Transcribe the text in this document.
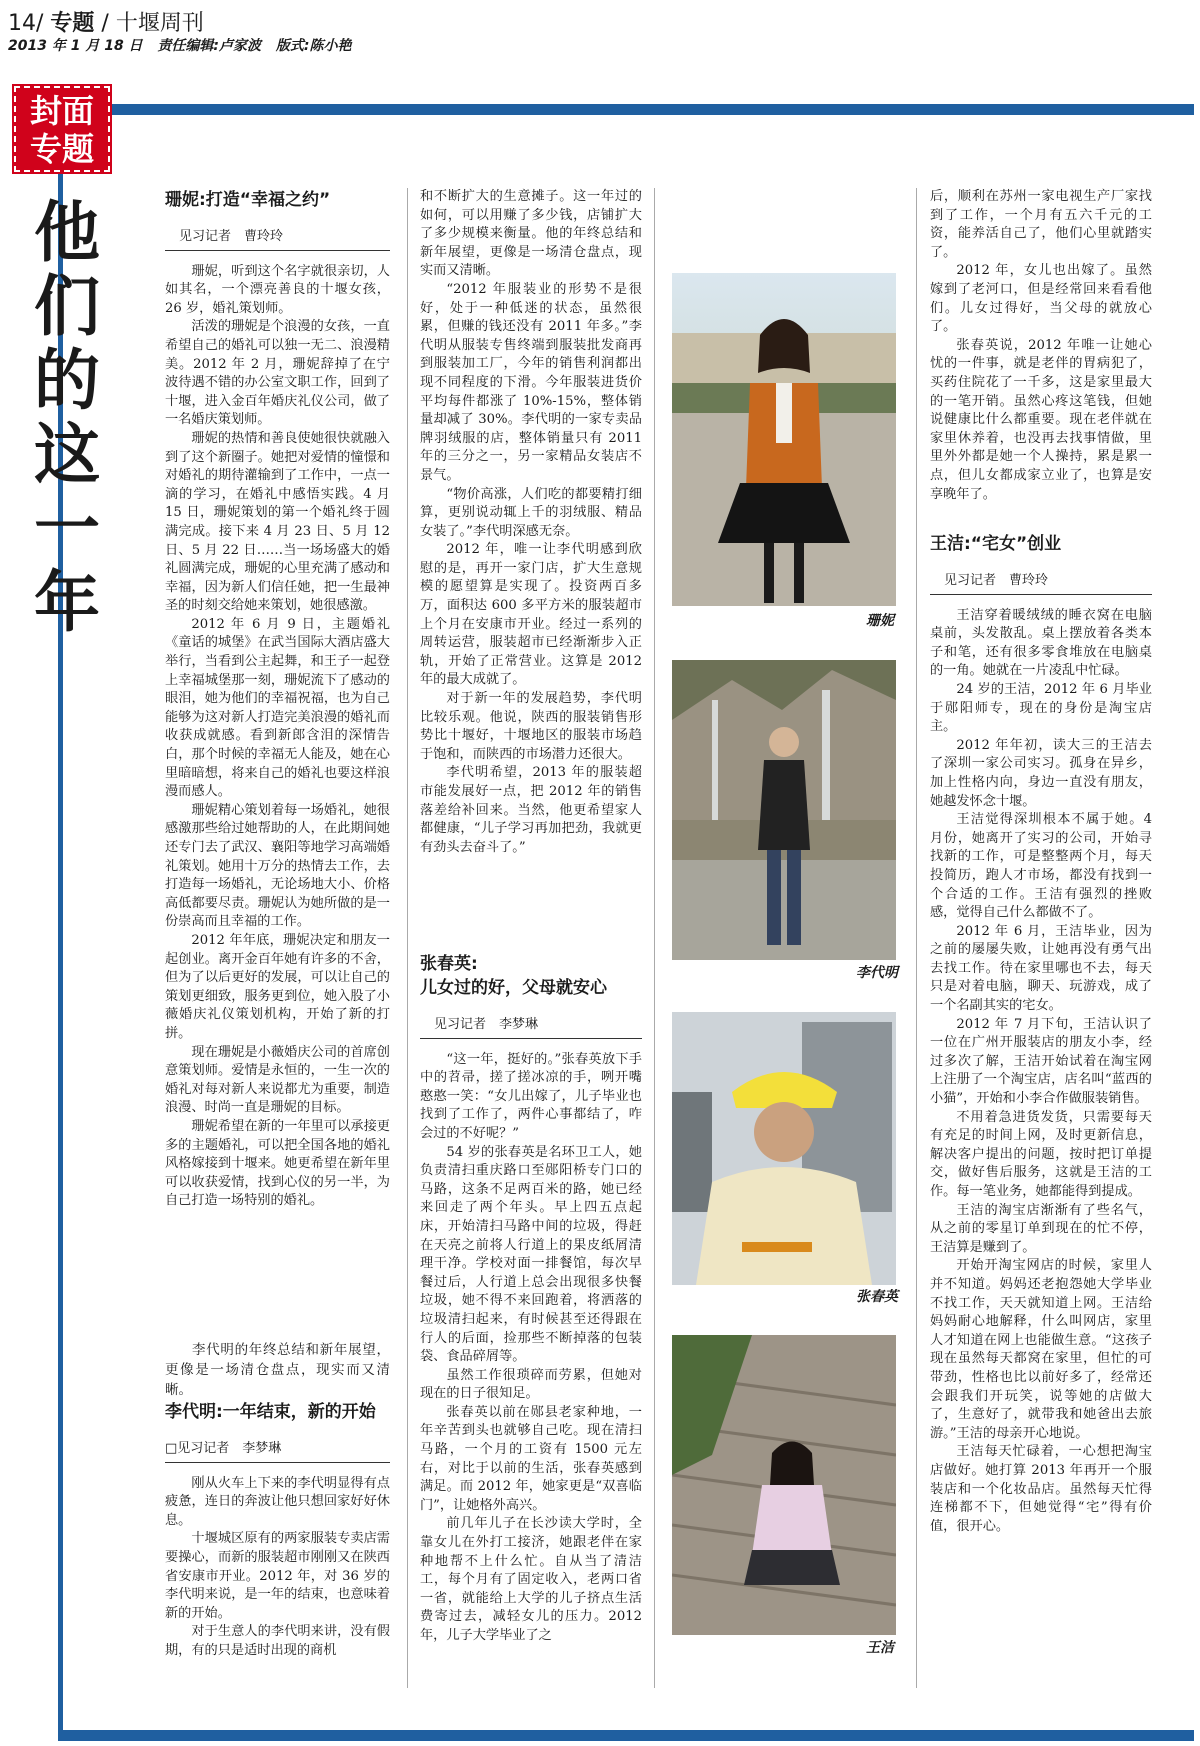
14/ 专题 / 十堰周刊
2013 年 1 月 18 日 责任编辑:卢家波 版式:陈小艳
封面
专题
他
们
的
这
一
年
珊妮:打造“幸福之约”
见习记者　曹玲玲

珊妮，听到这个名字就很亲切，人如其名，一个漂亮善良的十堰女孩，26 岁，婚礼策划师。

活泼的珊妮是个浪漫的女孩，一直希望自己的婚礼可以独一无二、浪漫精美。2012 年 2 月，珊妮辞掉了在宁波待遇不错的办公室文职工作，回到了十堰，进入金百年婚庆礼仪公司，做了一名婚庆策划师。

珊妮的热情和善良使她很快就融入到了这个新圈子。她把对爱情的憧憬和对婚礼的期待灌输到了工作中，一点一滴的学习，在婚礼中感悟实践。4 月 15 日，珊妮策划的第一个婚礼终于圆满完成。接下来 4 月 23 日、5 月 12 日、5 月 22 日……当一场场盛大的婚礼圆满完成，珊妮的心里充满了感动和幸福，因为新人们信任她，把一生最神圣的时刻交给她来策划，她很感激。

2012 年 6 月 9 日，主题婚礼《童话的城堡》在武当国际大酒店盛大举行，当看到公主起舞，和王子一起登上幸福城堡那一刻，珊妮流下了感动的眼泪，她为他们的幸福祝福，也为自己能够为这对新人打造完美浪漫的婚礼而收获成就感。看到新郎含泪的深情告白，那个时候的幸福无人能及，她在心里暗暗想，将来自己的婚礼也要这样浪漫而感人。

珊妮精心策划着每一场婚礼，她很感激那些给过她帮助的人，在此期间她还专门去了武汉、襄阳等地学习高端婚礼策划。她用十万分的热情去工作，去打造每一场婚礼，无论场地大小、价格高低都要尽责。珊妮认为她所做的是一份崇高而且幸福的工作。

2012 年年底，珊妮决定和朋友一起创业。离开金百年她有许多的不舍，但为了以后更好的发展，可以让自己的策划更细致，服务更到位，她入股了小薇婚庆礼仪策划机构，开始了新的打拼。

现在珊妮是小薇婚庆公司的首席创意策划师。爱情是永恒的，一生一次的婚礼对每对新人来说都尤为重要，制造浪漫、时尚一直是珊妮的目标。

珊妮希望在新的一年里可以承接更多的主题婚礼，可以把全国各地的婚礼风格嫁接到十堰来。她更希望在新年里可以收获爱情，找到心仪的另一半，为自己打造一场特别的婚礼。

李代明的年终总结和新年展望，更像是一场清仓盘点，现实而又清晰。

李代明:一年结束，新的开始
□ 见习记者　李梦琳

刚从火车上下来的李代明显得有点疲惫，连日的奔波让他只想回家好好休息。

十堰城区原有的两家服装专卖店需要操心，而新的服装超市刚刚又在陕西省安康市开业。2012 年，对 36 岁的李代明来说，是一年的结束，也意味着新的开始。

对于生意人的李代明来讲，没有假期，有的只是适时出现的商机

和不断扩大的生意摊子。这一年过的如何，可以用赚了多少钱，店铺扩大了多少规模来衡量。他的年终总结和新年展望，更像是一场清仓盘点，现实而又清晰。

“2012 年服装业的形势不是很好，处于一种低迷的状态，虽然很累，但赚的钱还没有 2011 年多。”李代明从服装专售终端到服装批发商再到服装加工厂，今年的销售利润都出现不同程度的下滑。今年服装进货价平均每件都涨了 10%-15%，整体销量却减了 30%。李代明的一家专卖品牌羽绒服的店，整体销量只有 2011 年的三分之一，另一家精品女装店不景气。

“物价高涨，人们吃的都要精打细算，更别说动辄上千的羽绒服、精品女装了。”李代明深感无奈。

2012 年，唯一让李代明感到欣慰的是，再开一家门店，扩大生意规模的愿望算是实现了。投资两百多万，面积达 600 多平方米的服装超市上个月在安康市开业。经过一系列的周转运营，服装超市已经渐渐步入正轨，开始了正常营业。这算是 2012 年的最大成就了。

对于新一年的发展趋势，李代明比较乐观。他说，陕西的服装销售形势比十堰好，十堰地区的服装市场趋于饱和，而陕西的市场潜力还很大。

李代明希望，2013 年的服装超市能发展好一点，把 2012 年的销售落差给补回来。当然，他更希望家人都健康，“儿子学习再加把劲，我就更有劲头去奋斗了。”

张春英:
儿女过的好，父母就安心
见习记者　李梦琳

“这一年，挺好的。”张春英放下手中的苕帚，搓了搓冰凉的手，咧开嘴憨憨一笑：“女儿出嫁了，儿子毕业也找到了工作了，两件心事都结了，咋会过的不好呢？”

54 岁的张春英是名环卫工人，她负责清扫重庆路口至郧阳桥专门口的马路，这条不足两百米的路，她已经来回走了两个年头。早上四五点起床，开始清扫马路中间的垃圾，得赶在天亮之前将人行道上的果皮纸屑清理干净。学校对面一排餐馆，每次早餐过后，人行道上总会出现很多快餐垃圾，她不得不来回跑着，将洒落的垃圾清扫起来，有时候甚至还得跟在行人的后面，捡那些不断掉落的包装袋、食品碎屑等。

虽然工作很琐碎而劳累，但她对现在的日子很知足。

张春英以前在郧县老家种地，一年辛苦到头也就够自己吃。现在清扫马路，一个月的工资有 1500 元左右，对比于以前的生活，张春英感到满足。而 2012 年，她家更是“双喜临门”，让她格外高兴。

前几年儿子在长沙读大学时，全靠女儿在外打工接济，她跟老伴在家种地帮不上什么忙。自从当了清洁工，每个月有了固定收入，老两口省一省，就能给上大学的儿子挤点生活费寄过去，减轻女儿的压力。2012 年，儿子大学毕业了之

珊妮
李代明
张春英
王洁

后，顺利在苏州一家电视生产厂家找到了工作，一个月有五六千元的工资，能养活自己了，他们心里就踏实了。

2012 年，女儿也出嫁了。虽然嫁到了老河口，但是经常回来看看他们。儿女过得好，当父母的就放心了。

张春英说，2012 年唯一让她心忧的一件事，就是老伴的胃病犯了，买药住院花了一千多，这是家里最大的一笔开销。虽然心疼这笔钱，但她说健康比什么都重要。现在老伴就在家里休养着，也没再去找事情做，里里外外都是她一个人操持，累是累一点，但儿女都成家立业了，也算是安享晚年了。

王洁:“宅女”创业
见习记者　曹玲玲

王洁穿着暖绒绒的睡衣窝在电脑桌前，头发散乱。桌上摆放着各类本子和笔，还有很多零食堆放在电脑桌的一角。她就在一片凌乱中忙碌。

24 岁的王洁，2012 年 6 月毕业于郧阳师专，现在的身份是淘宝店主。

2012 年年初，读大三的王洁去了深圳一家公司实习。孤身在异乡，加上性格内向，身边一直没有朋友，她越发怀念十堰。

王洁觉得深圳根本不属于她。4 月份，她离开了实习的公司，开始寻找新的工作，可是整整两个月，每天投简历，跑人才市场，都没有找到一个合适的工作。王洁有强烈的挫败感，觉得自己什么都做不了。

2012 年 6 月，王洁毕业，因为之前的屡屡失败，让她再没有勇气出去找工作。待在家里哪也不去，每天只是对着电脑，聊天、玩游戏，成了一个名副其实的宅女。

2012 年 7 月下旬，王洁认识了一位在广州开服装店的朋友小李，经过多次了解，王洁开始试着在淘宝网上注册了一个淘宝店，店名叫“蓝西的小猫”，开始和小李合作做服装销售。

不用着急进货发货，只需要每天有充足的时间上网，及时更新信息，解决客户提出的问题，按时把订单提交，做好售后服务，这就是王洁的工作。每一笔业务，她都能得到提成。

王洁的淘宝店渐渐有了些名气，从之前的零星订单到现在的忙不停，王洁算是赚到了。

开始开淘宝网店的时候，家里人并不知道。妈妈还老抱怨她大学毕业不找工作，天天就知道上网。王洁给妈妈耐心地解释，什么叫网店，家里人才知道在网上也能做生意。“这孩子现在虽然每天都窝在家里，但忙的可带劲，性格也比以前好多了，经常还会跟我们开玩笑，说等她的店做大了，生意好了，就带我和她爸出去旅游。”王洁的母亲开心地说。

王洁每天忙碌着，一心想把淘宝店做好。她打算 2013 年再开一个服装店和一个化妆品店。虽然每天忙得连梯都不下，但她觉得“宅”得有价值，很开心。
